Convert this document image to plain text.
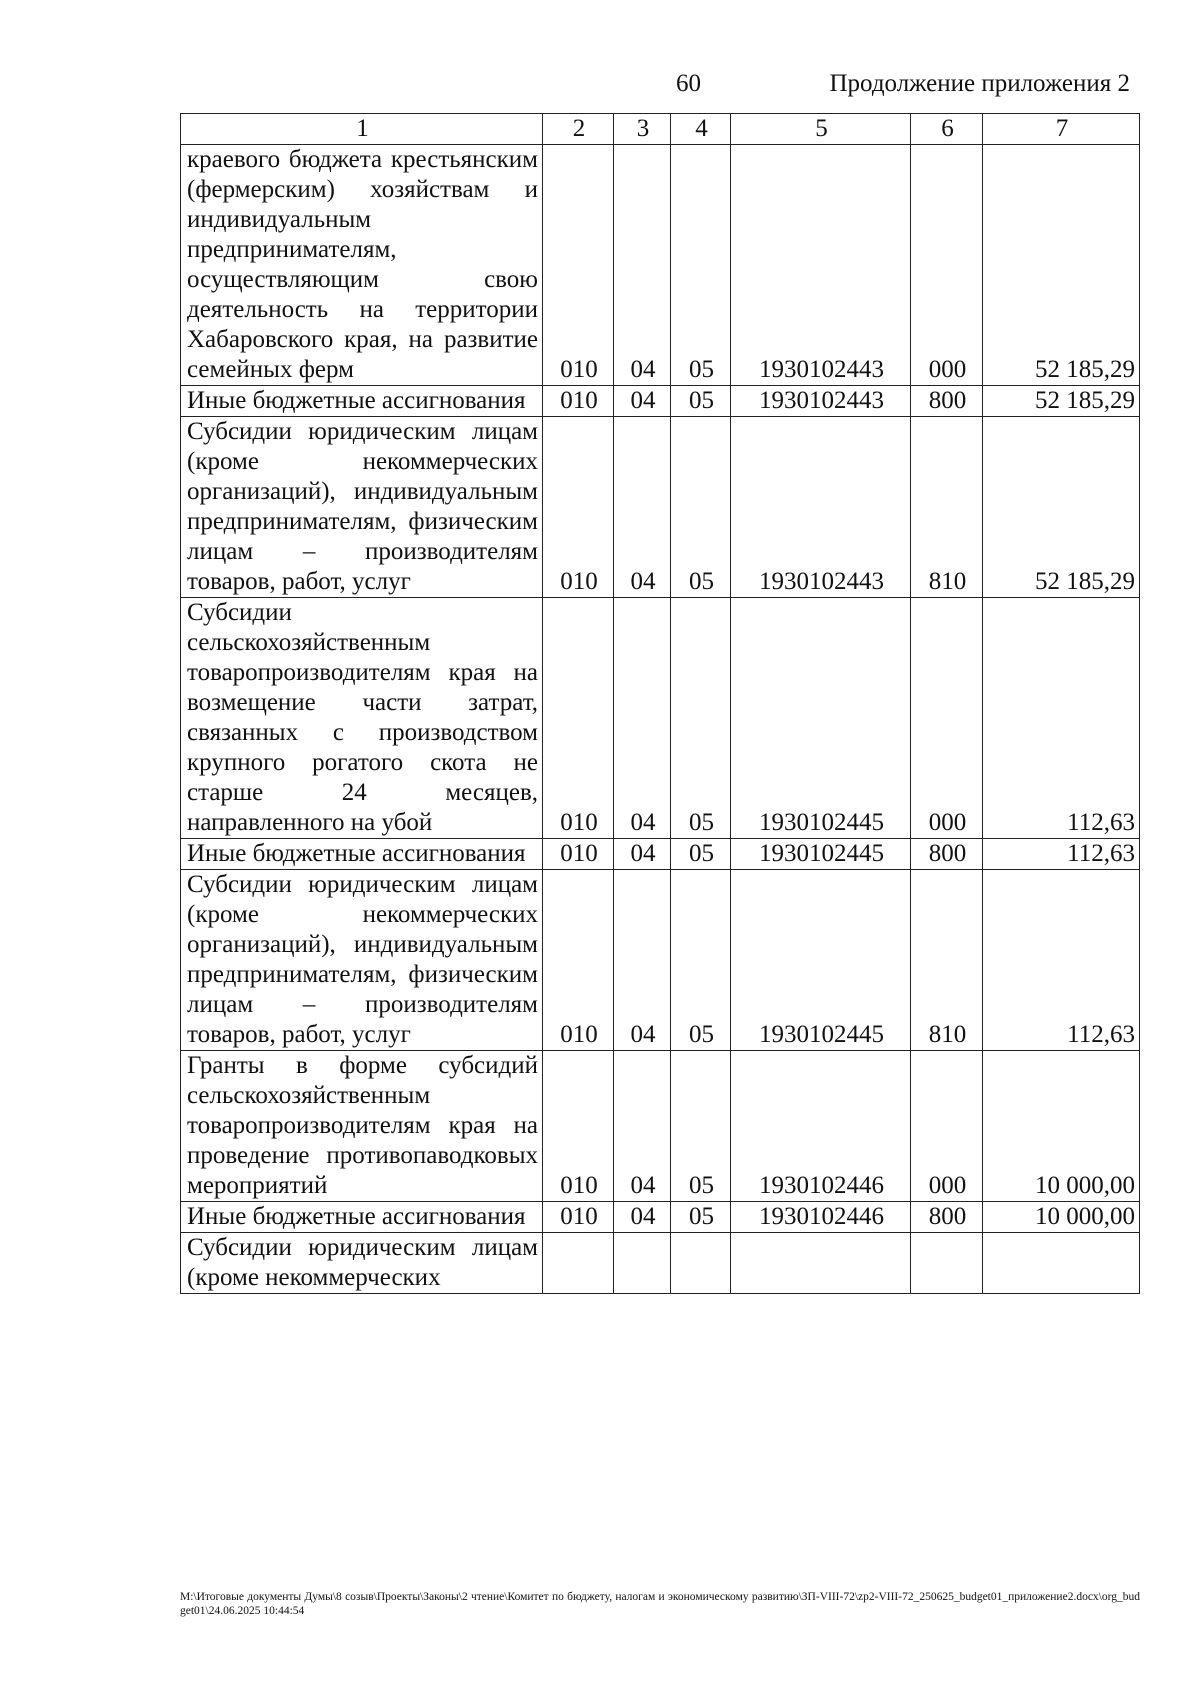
60	Продолжение приложения 2
1	2	3	4	5	6	7
краевого бюджета крестьянским (фермерским) хозяйствам и индивидуальным предпринимателям, осуществляющим свою деятельность на территории Хабаровского края, на развитие семейных ферм	010	04	05	1930102443	000	52 185,29
Иные бюджетные ассигнования	010	04	05	1930102443	800	52 185,29
Субсидии юридическим лицам (кроме некоммерческих организаций), индивидуальным предпринимателям, физическим лицам – производителям товаров, работ, услуг	010	04	05	1930102443	810	52 185,29
Субсидии сельскохозяйственным товаропроизводителям края на возмещение части затрат, связанных с производством крупного рогатого скота не старше 24 месяцев, направленного на убой	010	04	05	1930102445	000	112,63
Иные бюджетные ассигнования	010	04	05	1930102445	800	112,63
Субсидии юридическим лицам (кроме некоммерческих организаций), индивидуальным предпринимателям, физическим лицам – производителям товаров, работ, услуг	010	04	05	1930102445	810	112,63
Гранты в форме субсидий сельскохозяйственным товаропроизводителям края на проведение противопаводковых мероприятий	010	04	05	1930102446	000	10 000,00
Иные бюджетные ассигнования	010	04	05	1930102446	800	10 000,00
Субсидии юридическим лицам (кроме некоммерческих						
M:\Итоговые документы Думы\8 созыв\Проекты\Законы\2 чтение\Комитет по бюджету, налогам и экономическому развитию\ЗП-VIII-72\zp2-VIII-72_250625_budget01_приложение2.docx\org_budget01\24.06.2025 10:44:54
